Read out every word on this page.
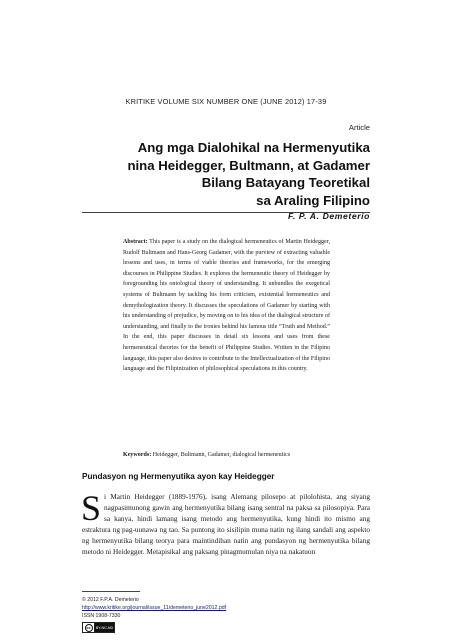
KRITIKE VOLUME SIX NUMBER ONE (JUNE 2012) 17-39
Article
Ang mga Dialohikal na Hermenyutika
nina Heidegger, Bultmann, at Gadamer
Bilang Batayang Teoretikal
sa Araling Filipino
F. P. A. Demeterio
Abstract: This paper is a study on the dialogical hermeneutics of Martin Heidegger, Rudolf Bultmann and Hans-Georg Gadamer, with the purview of extracting valuable lessons and uses, in terms of viable theories and frameworks, for the emerging discourses in Philippine Studies. It explores the hermeneutic theory of Heidegger by foregrounding his ontological theory of understanding. It unbundles the exegetical systems of Bultmann by tackling his form criticism, existential hermeneutics and demythologization theory. It discusses the speculations of Gadamer by starting with his understanding of prejudice, by moving on to his idea of the dialogical structure of understanding, and finally to the ironies behind his famous title “Truth and Method.” In the end, this paper discusses in detail six lessons and uses from these hermeneutical theories for the benefit of Philippine Studies. Written in the Filipino language, this paper also desires to contribute to the Intellectualization of the Filipino language and the Filipinization of philosophical speculations in this country.
Keywords: Heidegger, Bultmann, Gadamer, dialogical hermeneutics
Pundasyon ng Hermenyutika ayon kay Heidegger
S i Martin Heidegger (1889-1976), isang Alemang pilosepo at pilolohista, ang siyang nagpasimunong gawin ang hermenyutika bilang isang sentral na paksa sa pilosopiya. Para sa kanya, hindi lamang isang metodo ang hermenyutika, kung hindi ito mismo ang estraktura ng pag-uunawa ng tao. Sa puntong ito sisilipin muna natin ng ilang sandali ang aspekto ng hermenyutika bilang teorya para maintindihan natin ang pundasyon ng hermenyutika bilang metodo ni Heidegger. Metapisikal ang paksang pinagmumulan niya na nakatuon
© 2012 F.P.A. Demeterio
http://www.kritike.org/journal/issue_11/demeterio_june2012.pdf
ISSN 1908-7330
cc	BY-NC-ND
